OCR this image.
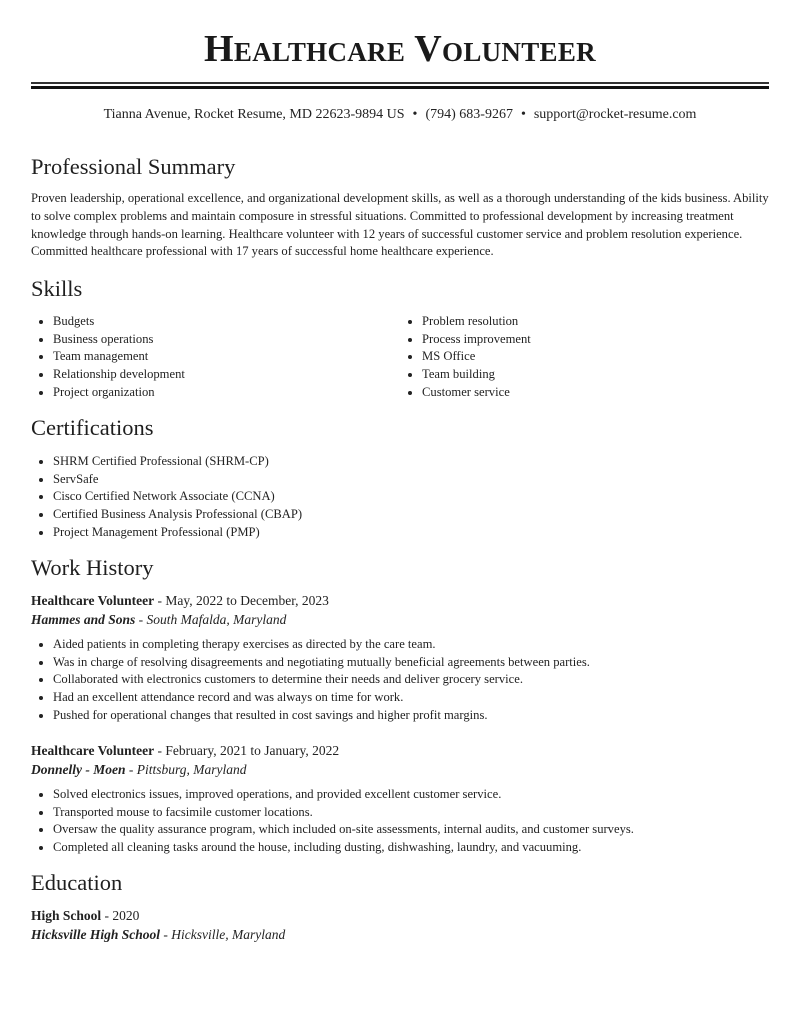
Healthcare Volunteer
Tianna Avenue, Rocket Resume, MD 22623-9894 US • (794) 683-9267 • support@rocket-resume.com
Professional Summary

Proven leadership, operational excellence, and organizational development skills, as well as a thorough understanding of the kids business. Ability to solve complex problems and maintain composure in stressful situations. Committed to professional development by increasing treatment knowledge through hands-on learning. Healthcare volunteer with 12 years of successful customer service and problem resolution experience. Committed healthcare professional with 17 years of successful home healthcare experience.

Skills
• Budgets
• Business operations
• Team management
• Relationship development
• Project organization
• Problem resolution
• Process improvement
• MS Office
• Team building
• Customer service
Certifications
• SHRM Certified Professional (SHRM-CP)
• ServSafe
• Cisco Certified Network Associate (CCNA)
• Certified Business Analysis Professional (CBAP)
• Project Management Professional (PMP)
Work History
Healthcare Volunteer - May, 2022 to December, 2023
Hammes and Sons - South Mafalda, Maryland
• Aided patients in completing therapy exercises as directed by the care team.
• Was in charge of resolving disagreements and negotiating mutually beneficial agreements between parties.
• Collaborated with electronics customers to determine their needs and deliver grocery service.
• Had an excellent attendance record and was always on time for work.
• Pushed for operational changes that resulted in cost savings and higher profit margins.
Healthcare Volunteer - February, 2021 to January, 2022
Donnelly - Moen - Pittsburg, Maryland
• Solved electronics issues, improved operations, and provided excellent customer service.
• Transported mouse to facsimile customer locations.
• Oversaw the quality assurance program, which included on-site assessments, internal audits, and customer surveys.
• Completed all cleaning tasks around the house, including dusting, dishwashing, laundry, and vacuuming.
Education
High School - 2020
Hicksville High School - Hicksville, Maryland
